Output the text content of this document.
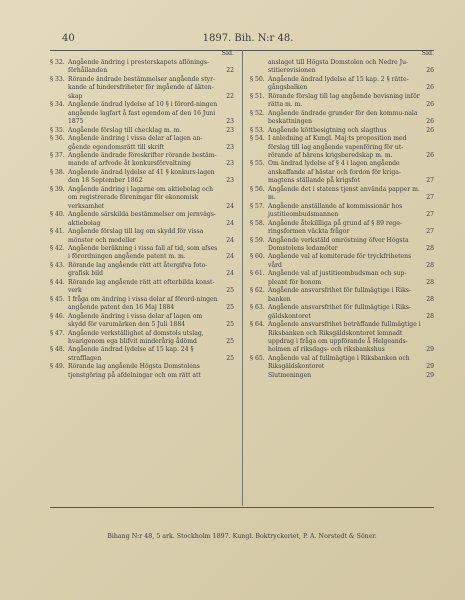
40	1897. Bih. N:r 48.
Sid.
§ 32. Angående ändring i presterskapets aflönings-förhållanden	22
§ 33. Rörande ändrade bestämmelser angående styr-kande af hindersfriheter för ingående af äkten-skap	22
§ 34. Angående ändrad lydelse af 10 § i förord-ningen angående lagfart å fast egendom af den 16 Juni 1875	23
§ 35. Angående förslag till checklag m. m.	23
§ 36. Angående ändring i vissa delar af lagen an-gående egendomsrätt till skrift	23
§ 37. Angående ändrade föreskrifter rörande bestäm-mande af arfvode åt konkursförvaltning	23
§ 38. Angående ändrad lydelse af 41 § konkurs-lagen den 18 September 1862	23
§ 39. Angående ändring i lagarne om aktiebolag och om registrerade föreningar för ekonomisk verksamhet	24
§ 40. Angående särskilda bestämmelser om jernvägs-aktiebolag	24
§ 41. Angående förslag till lag om skydd för vissa mönster och modeller	24
§ 42. Angående beräkning i vissa fall af tid, som afses i förordningen angående patent m. m.	24
§ 43. Rörande lag angående rätt att återgifva foto-grafisk bild	24
§ 44. Rörande lag angående rätt att efterbilda konst-verk	25
§ 45. I fråga om ändring i vissa delar af förord-ningen angående patent den 16 Maj 1884	25
§ 46. Angående ändring i vissa delar af lagen om skydd för varumärken den 5 Juli 1884	25
§ 47. Angående verkställighet af domstols utslag, hvarigenom ega blifvit minderårig ådömd	25
§ 48. Angående ändrad lydelse af 15 kap. 24 § strafflagen	25
§ 49. Rörande lag angående Högsta Domstolens tjenstgöring på afdelningar och om rätt att
Sid.
anslaget till Högsta Domstolen och Nedre Ju-stitierevisionen	26
§ 50. Angående ändrad lydelse af 15 kap. 2 § rätte-gångsbalken	26
§ 51. Rörande förslag till lag angående bevisning inför rätta m. m.	26
§ 52. Angående ändrade grunder för den kommu-nala beskattningen	26
§ 53. Angående köttbesigtning och slagthus	26
§ 54. I anledning af Kungl. Maj:ts proposition med förslag till lag angående vapenföring för ut-rörande af härens krigsberedskap m. m.	26
§ 55. Om ändrad lydelse af § 4 i lagen angående anskaffande af hästar och fordon för kriga-magtens ställande på krigsfot	27
§ 56. Angående det i statens tjenst använda papper m. m.	27
§ 57. Angående anställande af kommissionär hos justitieombudsmannen	27
§ 58. Angående åtekillliga på grund af § 89 rege-ringsformen väckta frågor	27
§ 59. Angående verkstäld omröstning öfver Högsta Domstolens ledamöter	28
§ 60. Angående val af komiterade för tryckfrihetens vård	28
§ 61. Angående val af justitieombudsman och sup-pleant för honom	28
§ 62. Angående ansvarsfrihet för fullmägtige i Riks-banken	28
§ 63. Angående ansvarsfrihet för fullmägtige i Riks-gäldskontoret	28
§ 64. Angående ansvarsfrihet beträffande fullmägtige i Riksbanken och Riksgäldskontoret lemnadt uppdrag i fråga om uppförande å Helgeands-holmen af riksdags- och riksbankshus	29
§ 65. Angående val af fullmägtige i Riksbanken och Riksgäldskontoret	29
Slutmeningen	29
Bihang N:r 48, 5 ark. Stockholm 1897. Kungl. Boktryckeriet, P. A. Norstedt & Söner.
